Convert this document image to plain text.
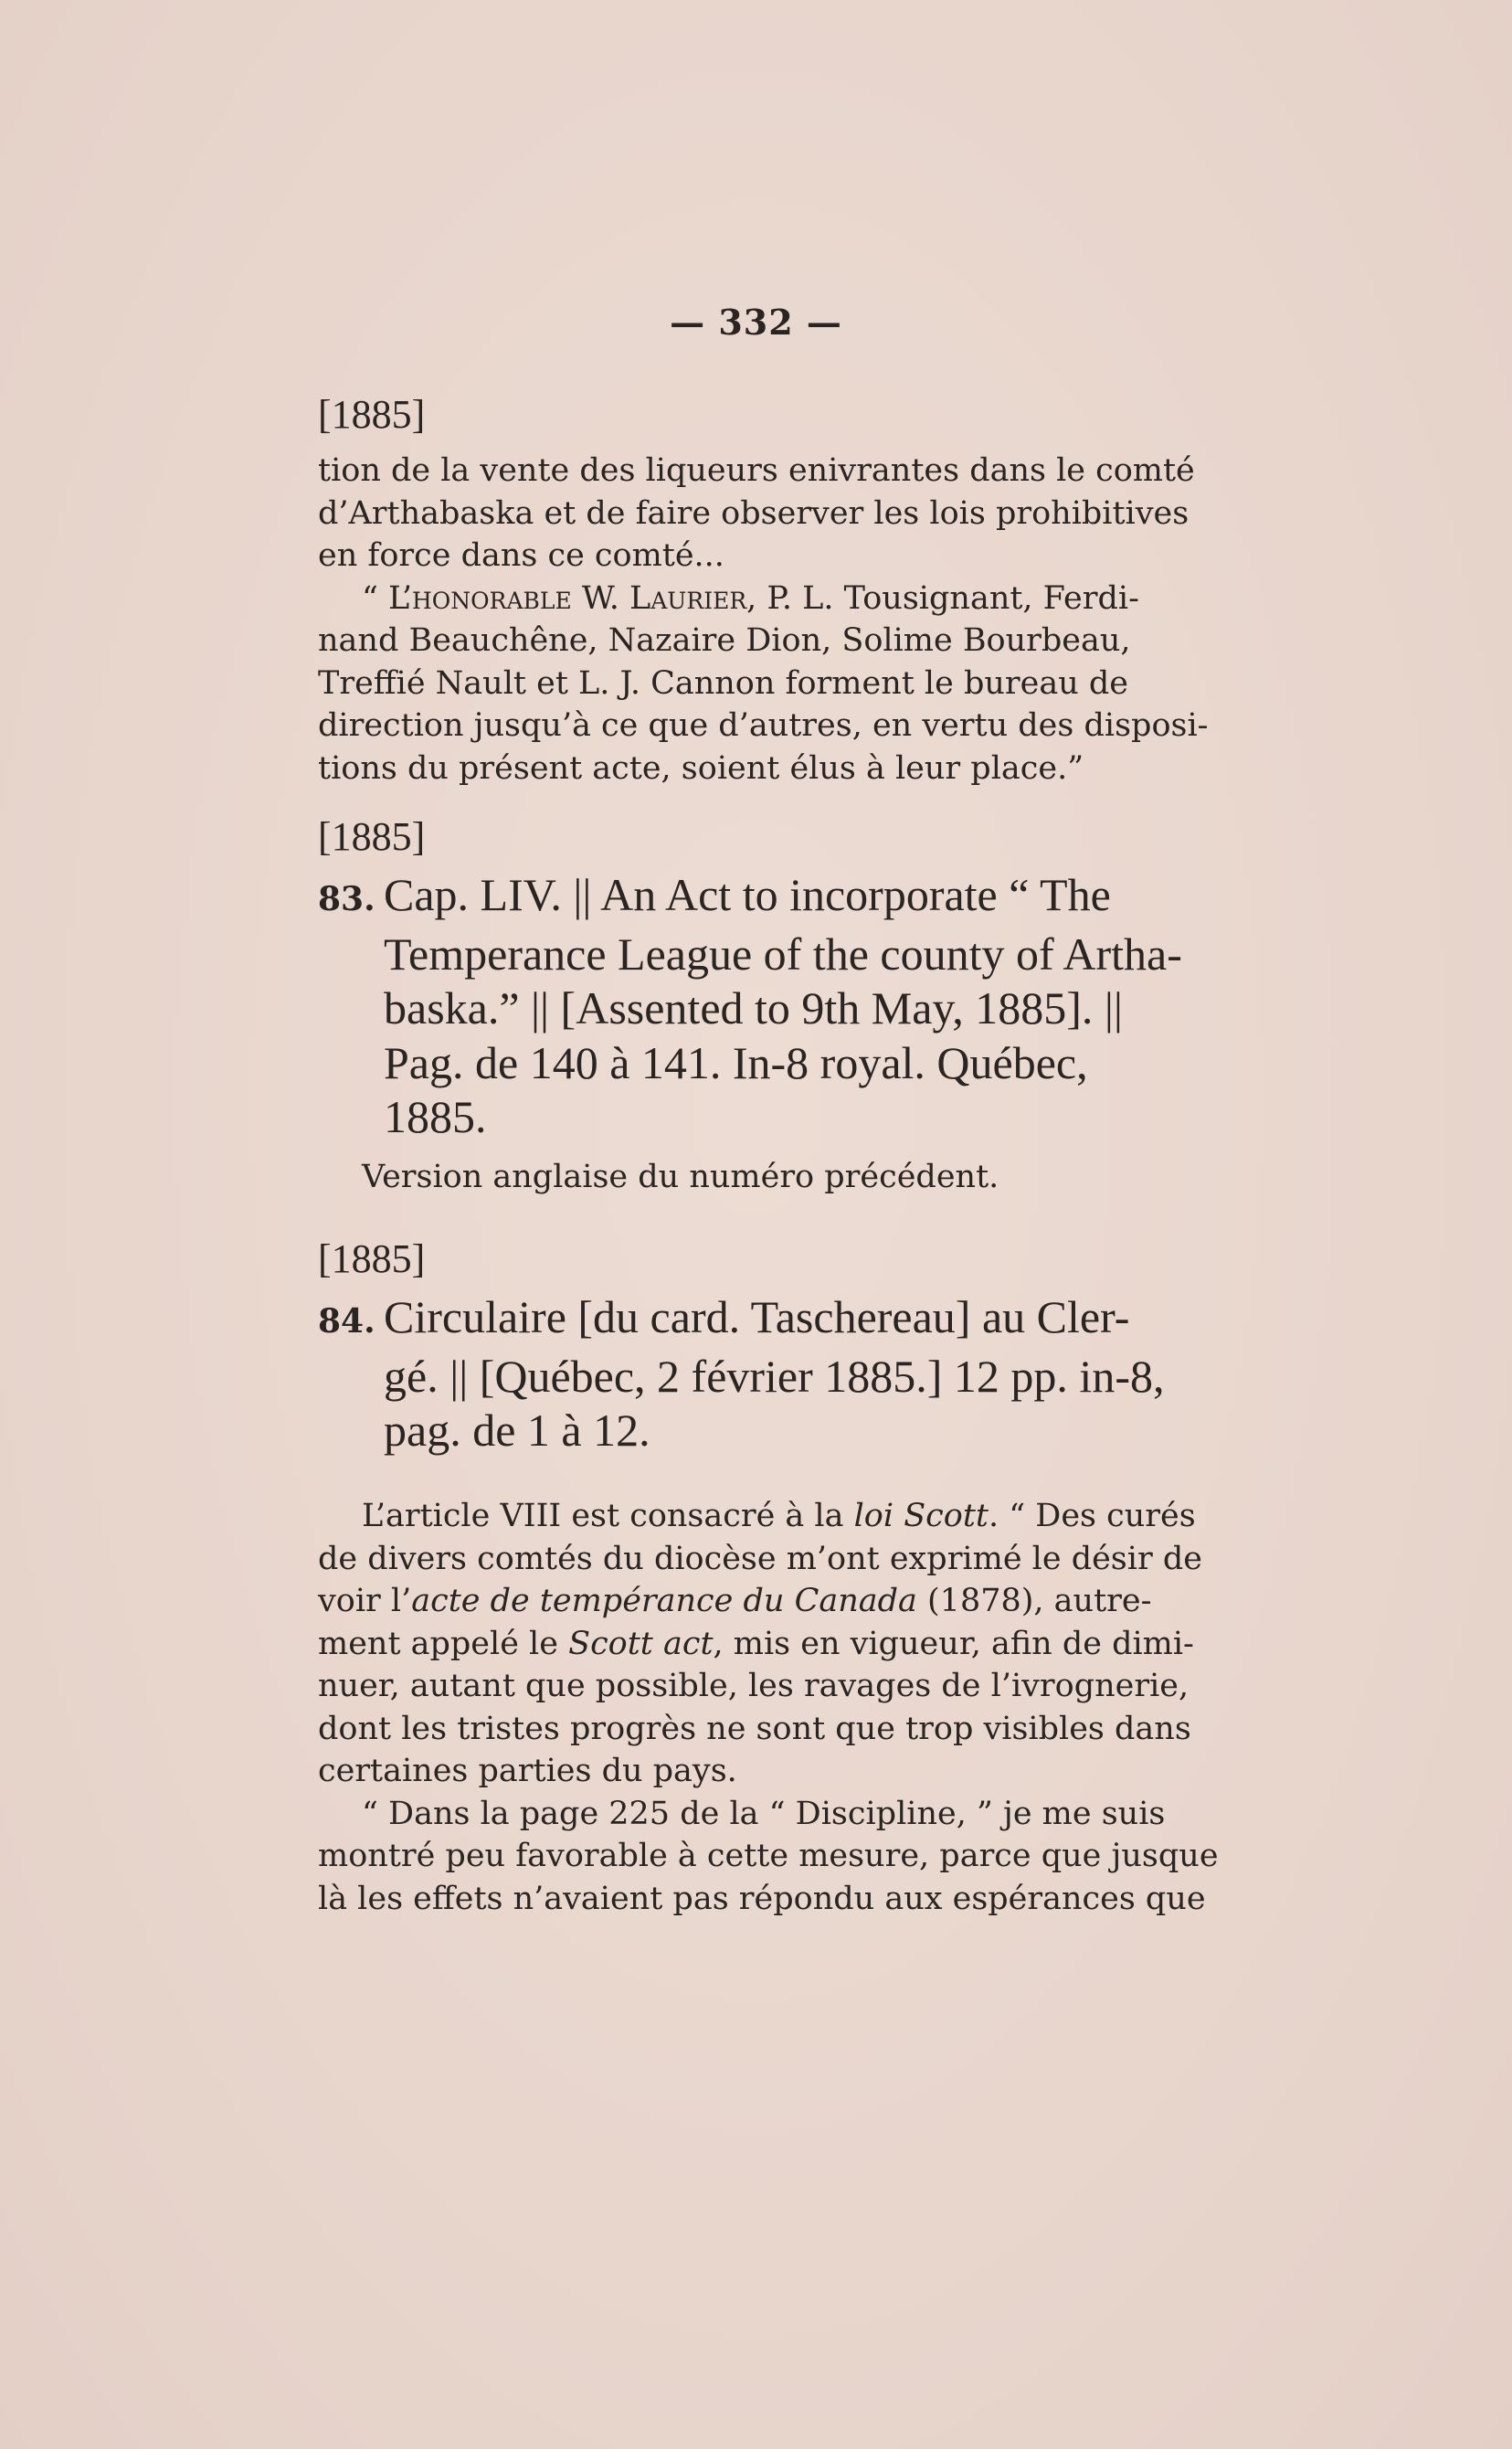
— 332 —
[1885]
tion de la vente des liqueurs enivrantes dans le comté
d’Arthabaska et de faire observer les lois prohibitives
en force dans ce comté...
“ L’honorable W. Laurier, P. L. Tousignant, Ferdi-
nand Beauchêne, Nazaire Dion, Solime Bourbeau,
Treffié Nault et L. J. Cannon forment le bureau de
direction jusqu’à ce que d’autres, en vertu des disposi-
tions du présent acte, soient élus à leur place.”
[1885]
83. Cap. LIV. || An Act to incorporate “ The
Temperance League of the county of Artha-
baska.” || [Assented to 9th May, 1885]. ||
Pag. de 140 à 141. In-8 royal. Québec,
1885.
Version anglaise du numéro précédent.
[1885]
84. Circulaire [du card. Taschereau] au Cler-
gé. || [Québec, 2 février 1885.] 12 pp. in-8,
pag. de 1 à 12.
L’article VIII est consacré à la loi Scott. “ Des curés
de divers comtés du diocèse m’ont exprimé le désir de
voir l’acte de tempérance du Canada (1878), autre-
ment appelé le Scott act, mis en vigueur, afin de dimi-
nuer, autant que possible, les ravages de l’ivrognerie,
dont les tristes progrès ne sont que trop visibles dans
certaines parties du pays.
“ Dans la page 225 de la “ Discipline, ” je me suis
montré peu favorable à cette mesure, parce que jusque
là les effets n’avaient pas répondu aux espérances que
